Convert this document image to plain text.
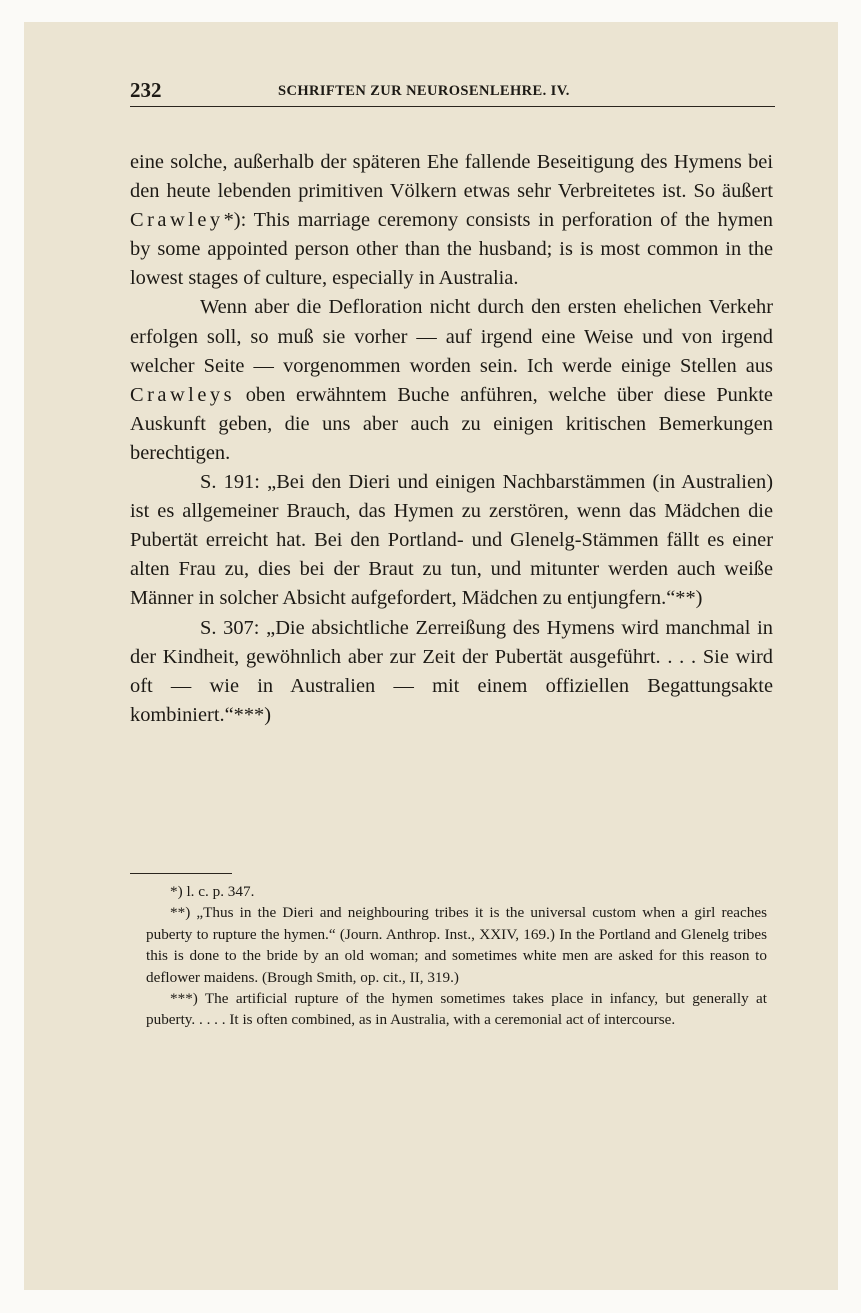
232	SCHRIFTEN ZUR NEUROSENLEHRE. IV.

eine solche, außerhalb der späteren Ehe fallende Beseitigung des Hymens bei den heute lebenden primitiven Völkern etwas sehr Verbreitetes ist. So äußert Crawley*): This marriage ceremony consists in perforation of the hymen by some appointed person other than the husband; is is most common in the lowest stages of culture, especially in Australia.

Wenn aber die Defloration nicht durch den ersten ehelichen Verkehr erfolgen soll, so muß sie vorher — auf irgend eine Weise und von irgend welcher Seite — vorgenommen worden sein. Ich werde einige Stellen aus Crawleys oben erwähntem Buche anführen, welche über diese Punkte Auskunft geben, die uns aber auch zu einigen kritischen Bemerkungen berechtigen.

S. 191: „Bei den Dieri und einigen Nachbarstämmen (in Australien) ist es allgemeiner Brauch, das Hymen zu zerstören, wenn das Mädchen die Pubertät erreicht hat. Bei den Portland- und Glenelg-Stämmen fällt es einer alten Frau zu, dies bei der Braut zu tun, und mitunter werden auch weiße Männer in solcher Absicht aufgefordert, Mädchen zu entjungfern.“**)

S. 307: „Die absichtliche Zerreißung des Hymens wird manchmal in der Kindheit, gewöhnlich aber zur Zeit der Pubertät ausgeführt. . . . Sie wird oft — wie in Australien — mit einem offiziellen Begattungsakte kombiniert.“***)

*) l. c. p. 347.

**) „Thus in the Dieri and neighbouring tribes it is the universal custom when a girl reaches puberty to rupture the hymen.“ (Journ. Anthrop. Inst., XXIV, 169.) In the Portland and Glenelg tribes this is done to the bride by an old woman; and sometimes white men are asked for this reason to deflower maidens. (Brough Smith, op. cit., II, 319.)

***) The artificial rupture of the hymen sometimes takes place in infancy, but generally at puberty. . . . . It is often combined, as in Australia, with a ceremonial act of intercourse.
